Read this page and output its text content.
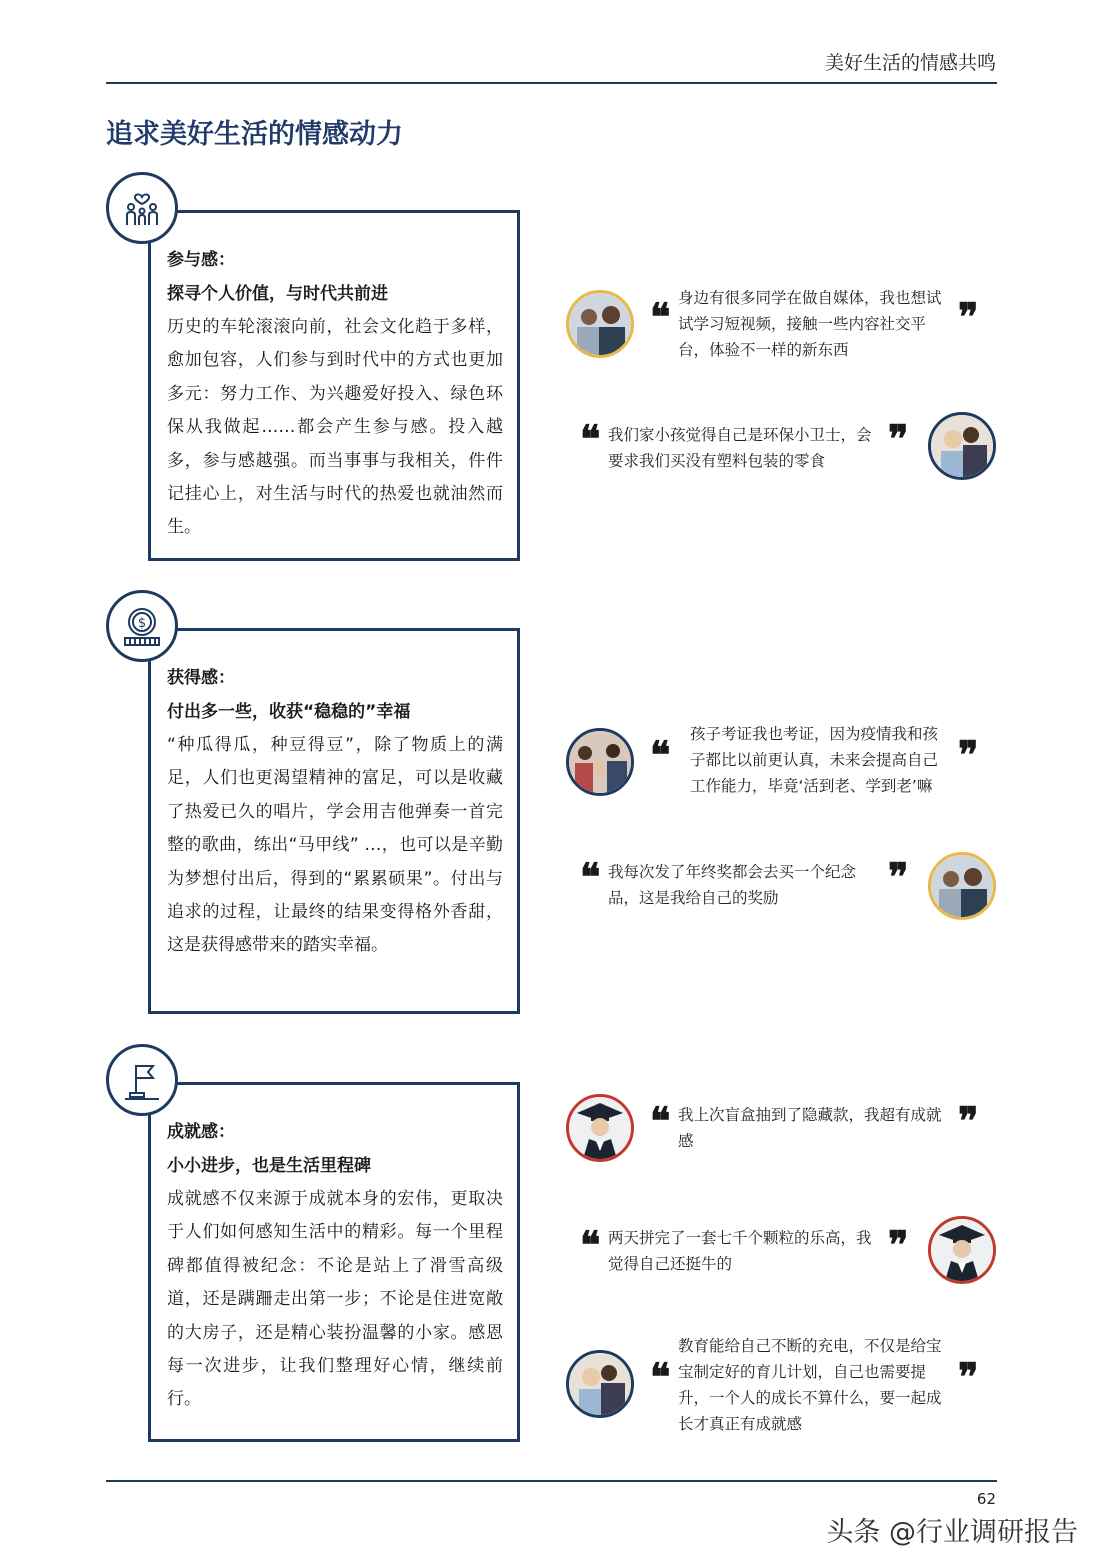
美好生活的情感共鸣
追求美好生活的情感动力
参与感：
探寻个人价值，与时代共前进
历史的车轮滚滚向前，社会文化趋于多样，愈加包容，人们参与到时代中的方式也更加多元：努力工作、为兴趣爱好投入、绿色环保从我做起……都会产生参与感。投入越多，参与感越强。而当事事与我相关，件件记挂心上，对生活与时代的热爱也就油然而生。
❝ 身边有很多同学在做自媒体，我也想试试学习短视频，接触一些内容社交平台，体验不一样的新东西
❞
❝ 我们家小孩觉得自己是环保小卫士，会要求我们买没有塑料包装的零食	❞
获得感：
付出多一些，收获“稳稳的”幸福
“种瓜得瓜，种豆得豆”，除了物质上的满足，人们也更渴望精神的富足，可以是收藏了热爱已久的唱片，学会用吉他弹奏一首完整的歌曲，练出“马甲线” …，也可以是辛勤为梦想付出后，得到的“累累硕果”。付出与追求的过程，让最终的结果变得格外香甜，这是获得感带来的踏实幸福。
$
❝ 孩子考证我也考证，因为疫情我和孩子都比以前更认真，未来会提高自己工作能力，毕竟‘活到老、学到老’嘛
❞
❝ 我每次发了年终奖都会去买一个纪念品，这是我给自己的奖励	❞
成就感：
小小进步，也是生活里程碑
成就感不仅来源于成就本身的宏伟，更取决于人们如何感知生活中的精彩。每一个里程碑都值得被纪念：不论是站上了滑雪高级道，还是蹒跚走出第一步；不论是住进宽敞的大房子，还是精心装扮温馨的小家。感恩每一次进步，让我们整理好心情，继续前行。
❝ 我上次盲盒抽到了隐藏款，我超有成就感	❞
❝ 两天拼完了一套七千个颗粒的乐高，我觉得自己还挺牛的	❞
❝
教育能给自己不断的充电，不仅是给宝宝制定好的育儿计划，自己也需要提升，一个人的成长不算什么，要一起成长才真正有成就感
❞
62
头条 @行业调研报告
